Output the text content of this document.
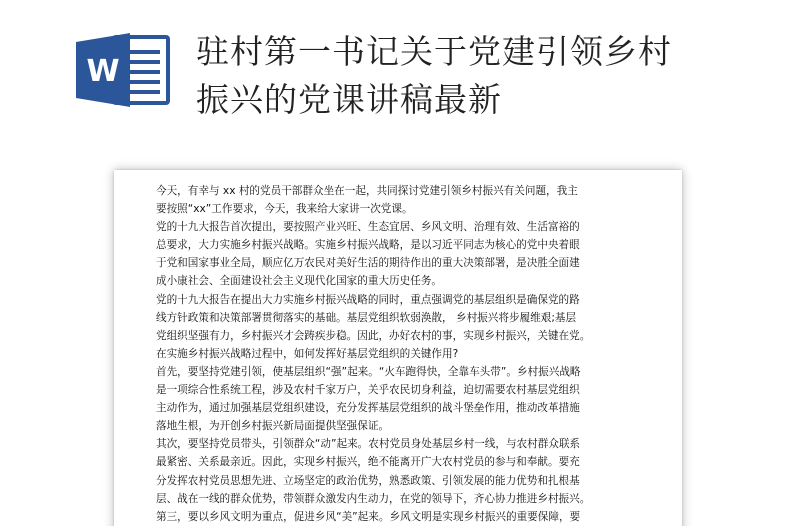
W
驻村第一书记关于党建引领乡村
振兴的党课讲稿最新
今天，有幸与 xx 村的党员干部群众坐在一起，共同探讨党建引领乡村振兴有关问题，我主
要按照“xx”工作要求，今天，我来给大家讲一次党课。
党的十九大报告首次提出，要按照产业兴旺、生态宜居、乡风文明、治理有效、生活富裕的
总要求，大力实施乡村振兴战略。实施乡村振兴战略，是以习近平同志为核心的党中央着眼
于党和国家事业全局，顺应亿万农民对美好生活的期待作出的重大决策部署，是决胜全面建
成小康社会、全面建设社会主义现代化国家的重大历史任务。
党的十九大报告在提出大力实施乡村振兴战略的同时，重点强调党的基层组织是确保党的路
线方针政策和决策部署贯彻落实的基础。基层党组织软弱涣散， 乡村振兴将步履维艰;基层
党组织坚强有力，乡村振兴才会踌疾步稳。因此，办好农村的事，实现乡村振兴，关键在党。
在实施乡村振兴战略过程中，如何发挥好基层党组织的关键作用?
首先，要坚持党建引领，使基层组织“强”起来。“火车跑得快，全靠车头带”。乡村振兴战略
是一项综合性系统工程，涉及农村千家万户，关乎农民切身利益，迫切需要农村基层党组织
主动作为，通过加强基层党组织建设，充分发挥基层党组织的战斗堡垒作用，推动改革措施
落地生根，为开创乡村振兴新局面提供坚强保证。
其次，要坚持党员带头，引领群众“动”起来。农村党员身处基层乡村一线，与农村群众联系
最紧密、关系最亲近。因此，实现乡村振兴，绝不能离开广大农村党员的参与和奉献。要充
分发挥农村党员思想先进、立场坚定的政治优势，熟悉政策、引领发展的能力优势和扎根基
层、战在一线的群众优势，带领群众激发内生动力，在党的领导下，齐心协力推进乡村振兴。
第三，要以乡风文明为重点，促进乡风“美”起来。乡风文明是实现乡村振兴的重要保障，要
